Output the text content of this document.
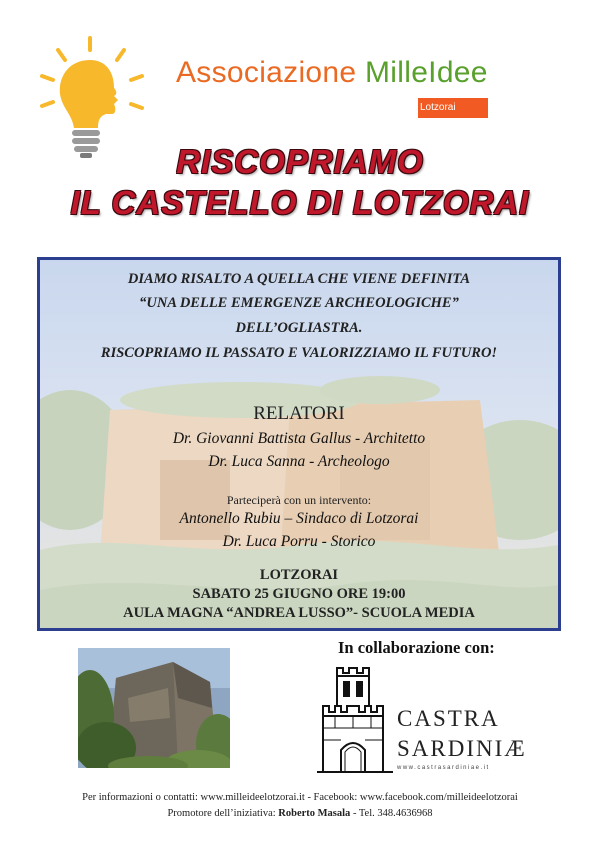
Associazione MilleIdee
Lotzorai
RISCOPRIAMO
IL CASTELLO DI LOTZORAI
DIAMO RISALTO A QUELLA CHE VIENE DEFINITA
“UNA DELLE EMERGENZE ARCHEOLOGICHE”
DELL’OGLIASTRA.
RISCOPRIAMO IL PASSATO E VALORIZZIAMO IL FUTURO!
RELATORI
Dr. Giovanni Battista Gallus - Architetto
Dr. Luca Sanna - Archeologo
Parteciperà con un intervento:
Antonello Rubiu – Sindaco di Lotzorai
Dr. Luca Porru - Storico
LOTZORAI
SABATO 25 GIUGNO ORE 19:00
AULA MAGNA “ANDREA LUSSO”- SCUOLA MEDIA
In collaborazione con:
CASTRA
SARDINIÆ
www.castrasardiniae.it
Per informazioni o contatti: www.milleideelotzorai.it - Facebook: www.facebook.com/milleideelotzorai
Promotore dell’iniziativa: Roberto Masala - Tel. 348.4636968
